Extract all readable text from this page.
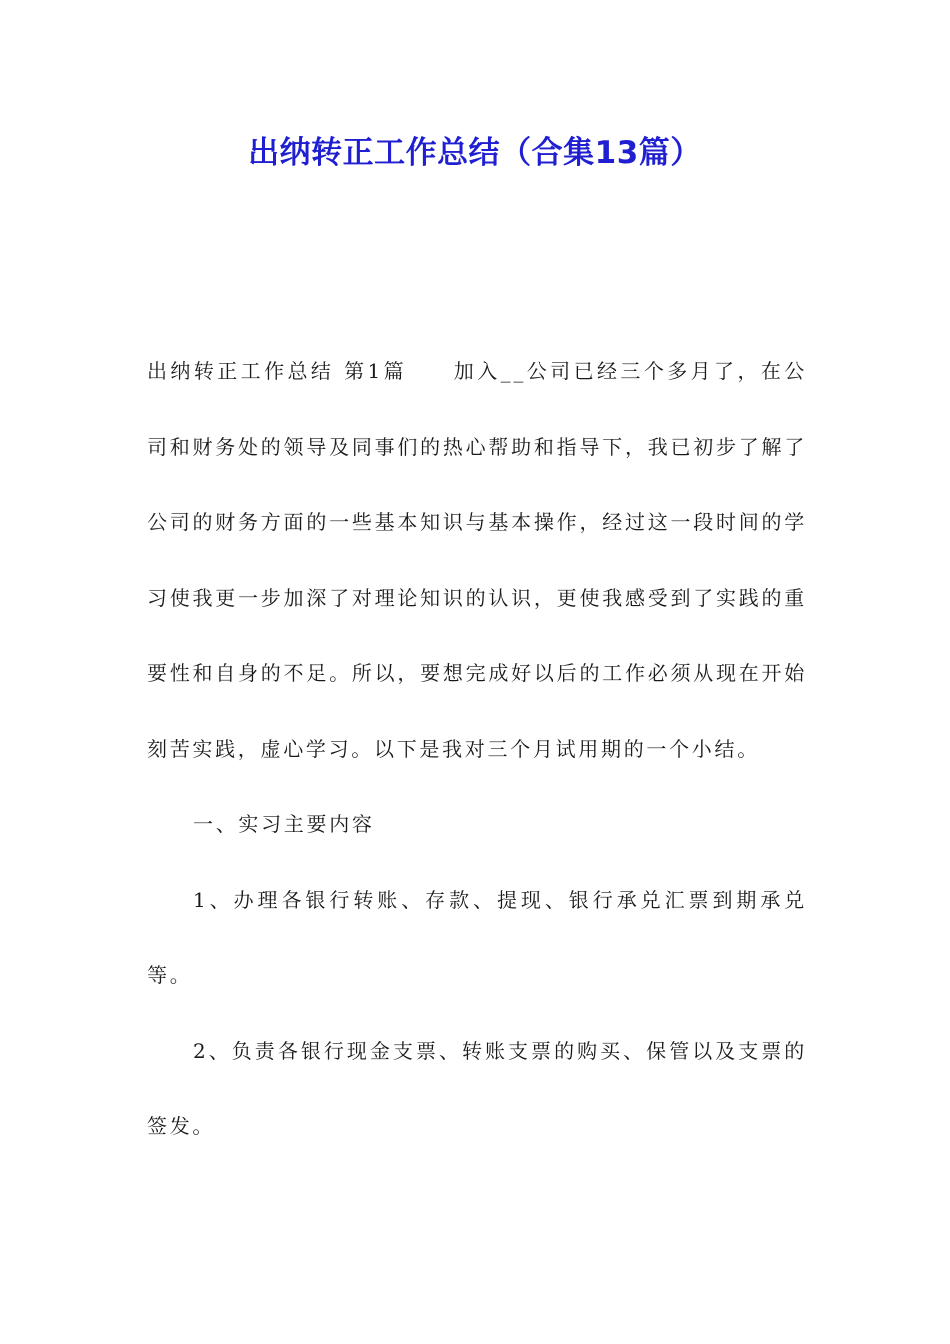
出纳转正工作总结（合集13篇）

出纳转正工作总结 第1篇 加入__公司已经三个多月了，在公司和财务处的领导及同事们的热心帮助和指导下，我已初步了解了公司的财务方面的一些基本知识与基本操作，经过这一段时间的学习使我更一步加深了对理论知识的认识，更使我感受到了实践的重要性和自身的不足。所以，要想完成好以后的工作必须从现在开始刻苦实践，虚心学习。以下是我对三个月试用期的一个小结。

一、实习主要内容

1、办理各银行转账、存款、提现、银行承兑汇票到期承兑等。

2、负责各银行现金支票、转账支票的购买、保管以及支票的签发。
